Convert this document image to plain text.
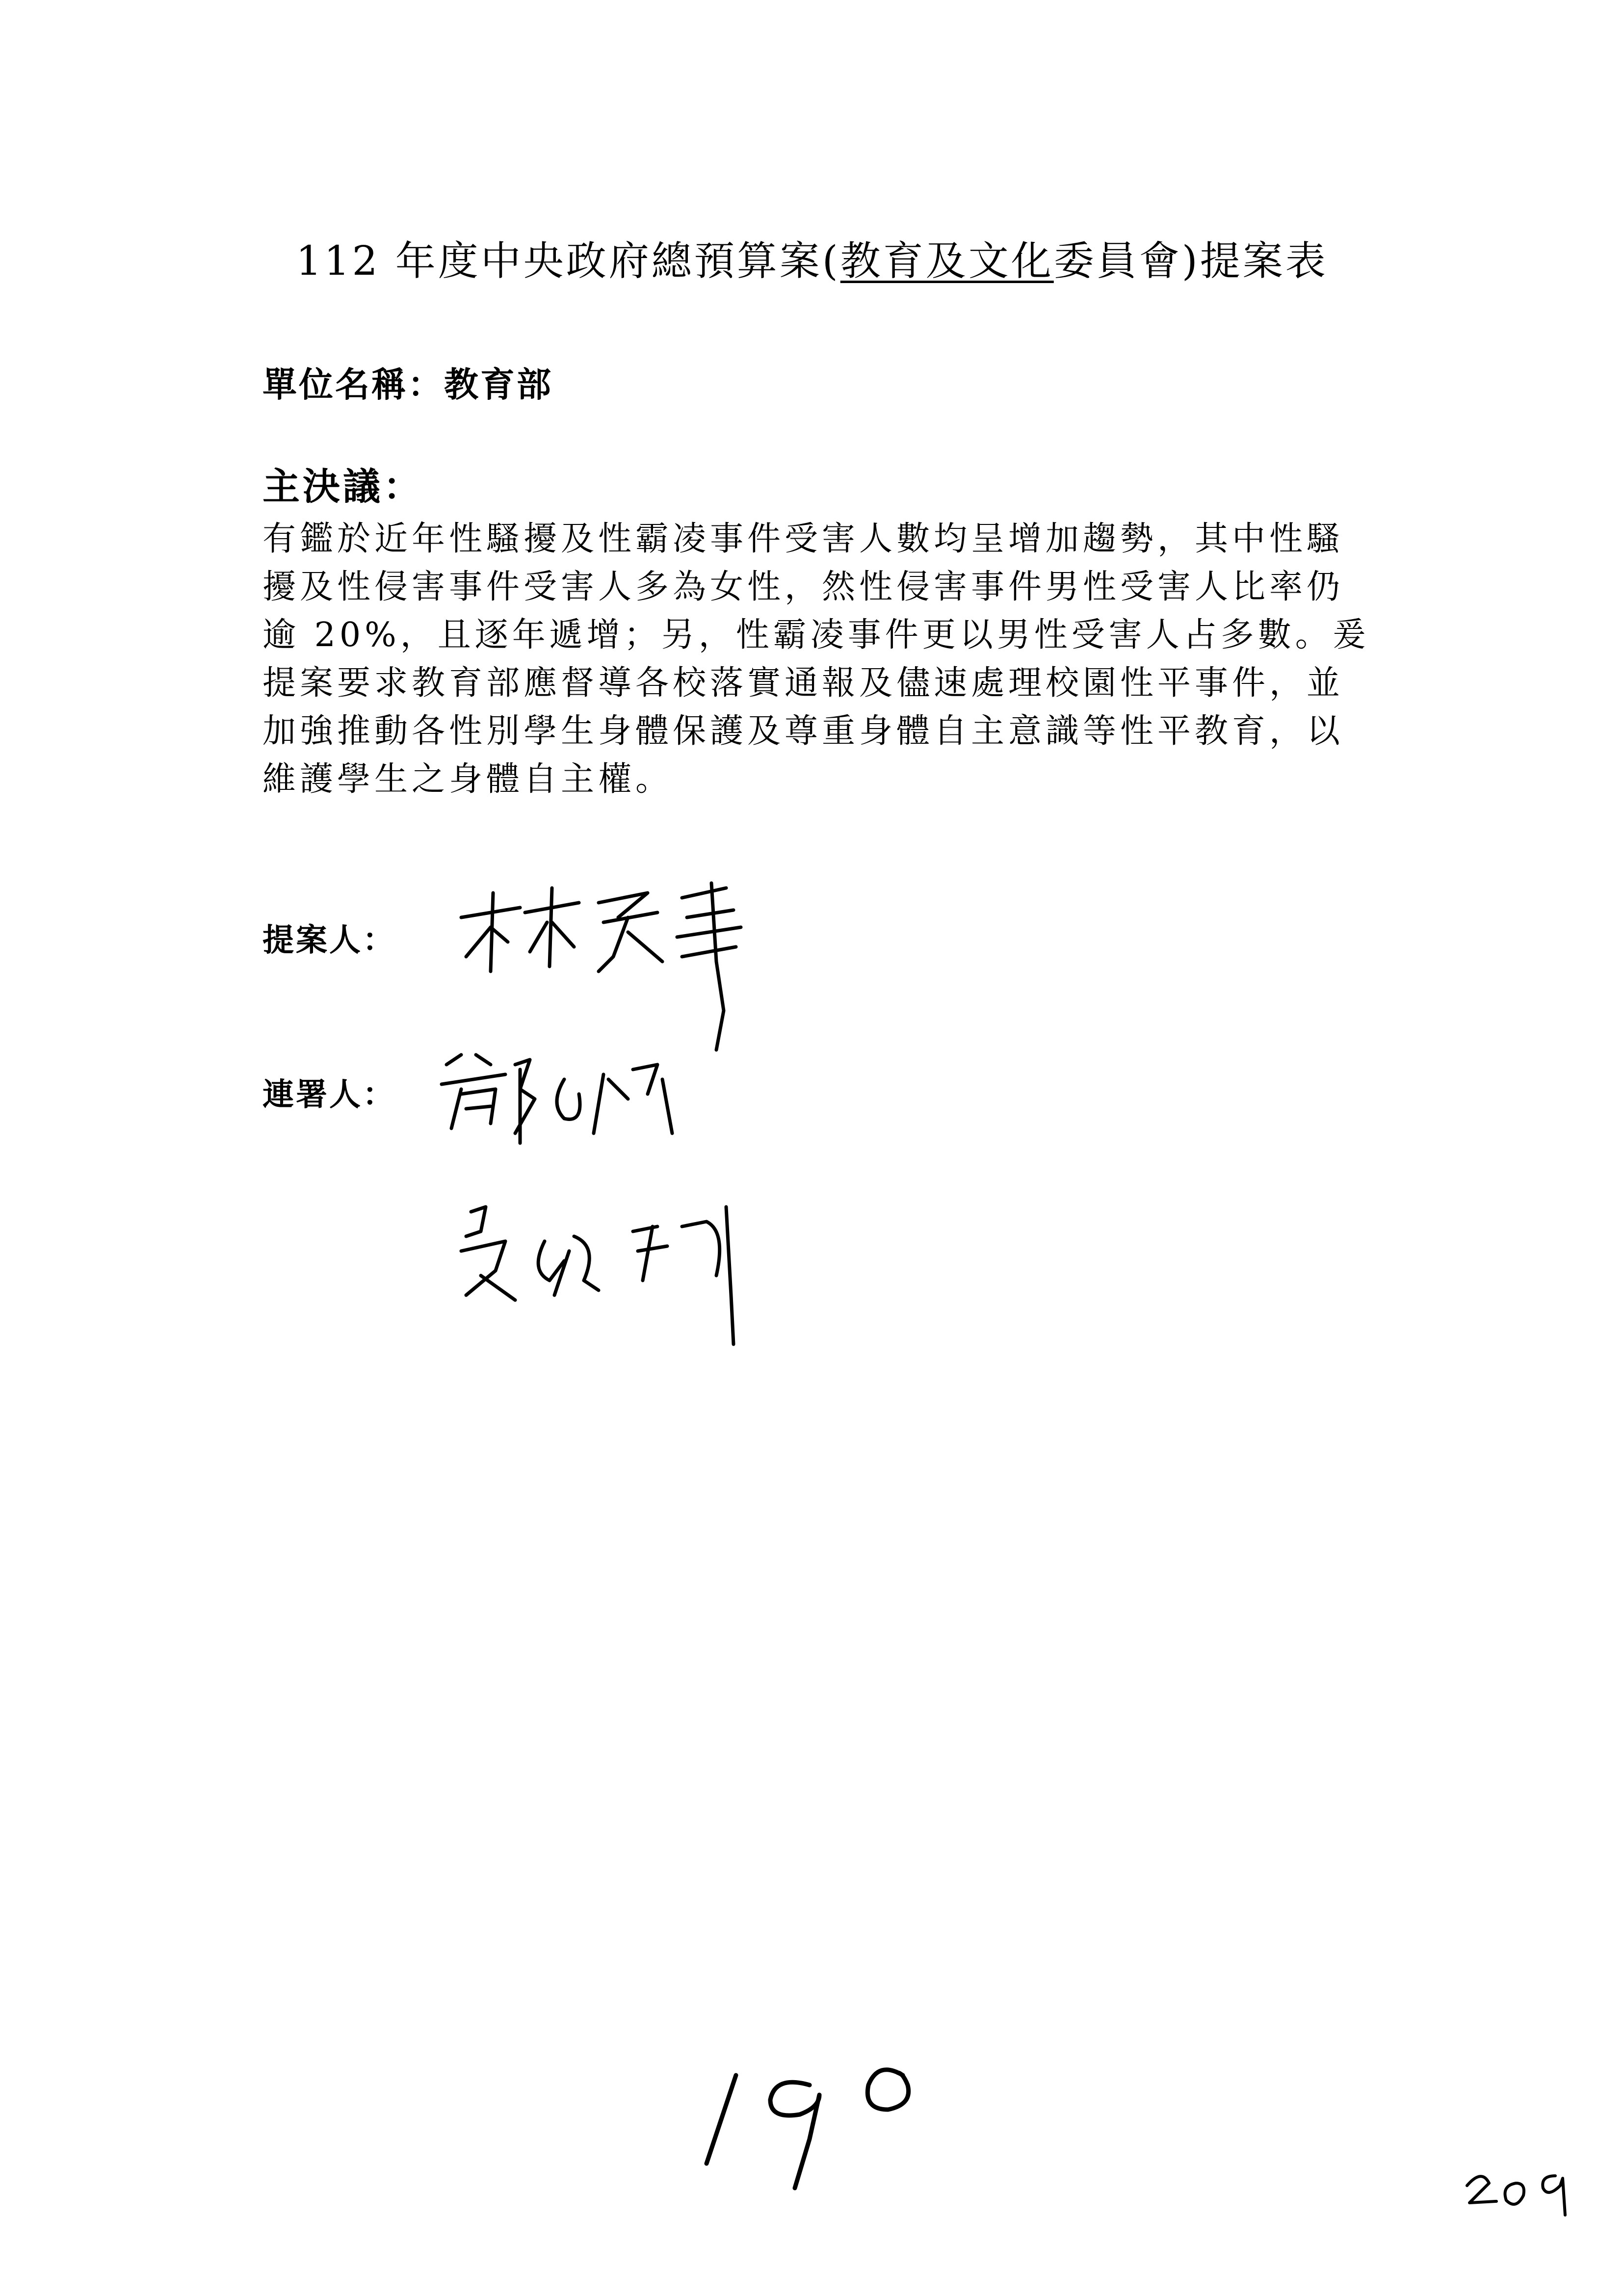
112 年度中央政府總預算案(教育及文化委員會)提案表
單位名稱：教育部
主決議：
有鑑於近年性騷擾及性霸凌事件受害人數均呈增加趨勢，其中性騷
擾及性侵害事件受害人多為女性，然性侵害事件男性受害人比率仍
逾 20%，且逐年遞增；另，性霸凌事件更以男性受害人占多數。爰
提案要求教育部應督導各校落實通報及儘速處理校園性平事件，並
加強推動各性別學生身體保護及尊重身體自主意識等性平教育，以
維護學生之身體自主權。
提案人：
連署人：
